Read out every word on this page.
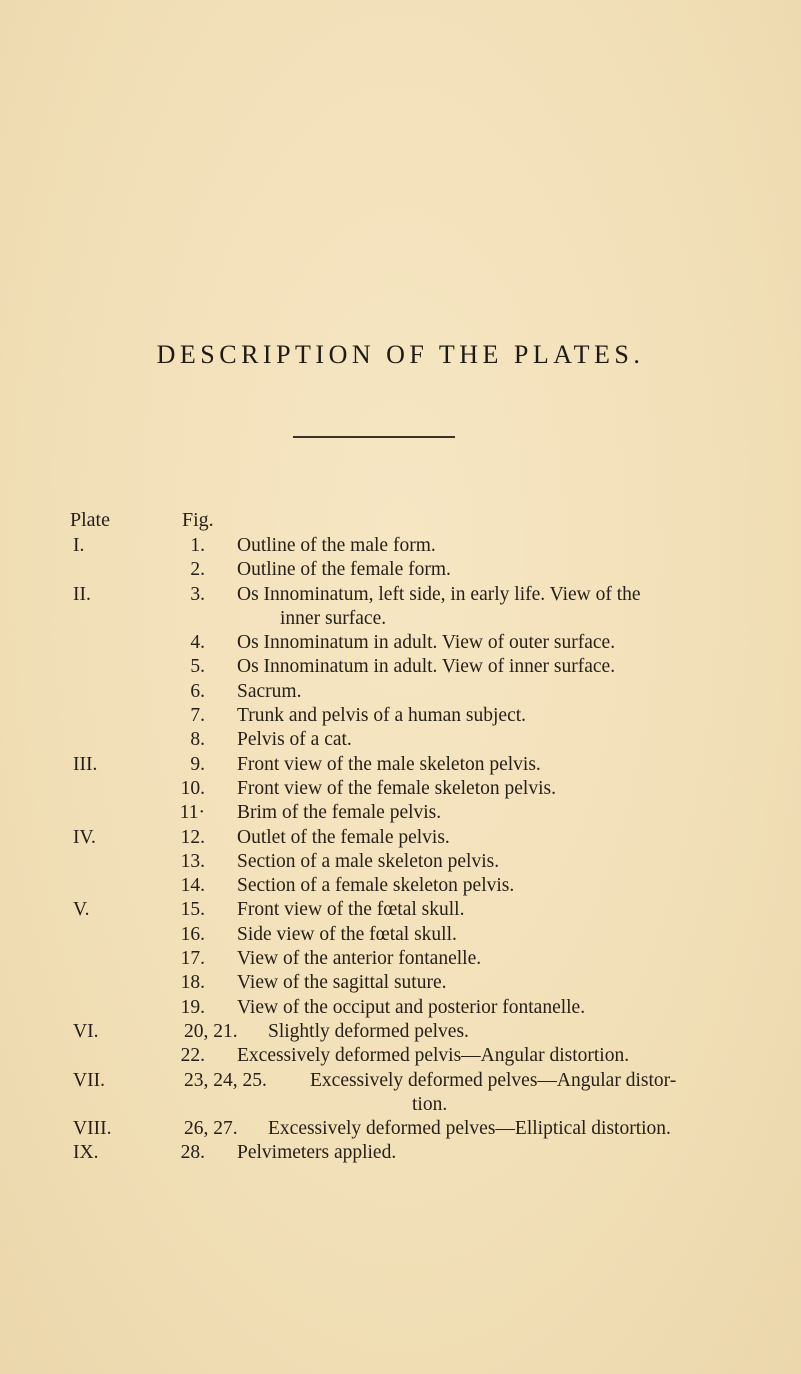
DESCRIPTION OF THE PLATES.
Plate	Fig.
I.	1. Outline of the male form.
2. Outline of the female form.
II.	3. Os Innominatum, left side, in early life. View of the
inner surface.
4. Os Innominatum in adult. View of outer surface.
5. Os Innominatum in adult. View of inner surface.
6. Sacrum.
7. Trunk and pelvis of a human subject.
8. Pelvis of a cat.
III.	9. Front view of the male skeleton pelvis.
10. Front view of the female skeleton pelvis.
11· Brim of the female pelvis.
IV.	12. Outlet of the female pelvis.
13. Section of a male skeleton pelvis.
14. Section of a female skeleton pelvis.
V.	15. Front view of the fœtal skull.
16. Side view of the fœtal skull.
17. View of the anterior fontanelle.
18. View of the sagittal suture.
19. View of the occiput and posterior fontanelle.
VI.	20, 21. Slightly deformed pelves.
22. Excessively deformed pelvis—Angular distortion.
VII.	23, 24, 25. Excessively deformed pelves—Angular distor-
tion.
VIII.	26, 27. Excessively deformed pelves—Elliptical distortion.
IX.	28. Pelvimeters applied.
